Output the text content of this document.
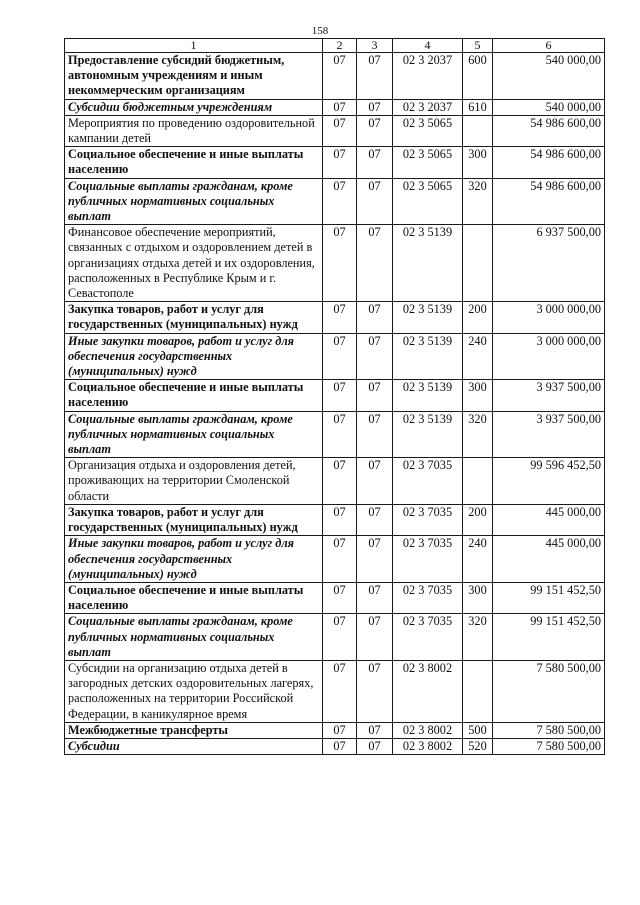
158
1	2	3	4	5	6
Предоставление субсидий бюджетным, автономным учреждениям и иным некоммерческим организациям	07	07	02 3 2037	600	540 000,00
Субсидии бюджетным учреждениям	07	07	02 3 2037	610	540 000,00
Мероприятия по проведению оздоровительной кампании детей	07	07	02 3 5065		54 986 600,00
Социальное обеспечение и иные выплаты населению	07	07	02 3 5065	300	54 986 600,00
Социальные выплаты гражданам, кроме публичных нормативных социальных выплат	07	07	02 3 5065	320	54 986 600,00
Финансовое обеспечение мероприятий, связанных с отдыхом и оздоровлением детей в организациях отдыха детей и их оздоровления, расположенных в Республике Крым и г. Севастополе	07	07	02 3 5139		6 937 500,00
Закупка товаров, работ и услуг для государственных (муниципальных) нужд	07	07	02 3 5139	200	3 000 000,00
Иные закупки товаров, работ и услуг для обеспечения государственных (муниципальных) нужд	07	07	02 3 5139	240	3 000 000,00
Социальное обеспечение и иные выплаты населению	07	07	02 3 5139	300	3 937 500,00
Социальные выплаты гражданам, кроме публичных нормативных социальных выплат	07	07	02 3 5139	320	3 937 500,00
Организация отдыха и оздоровления детей, проживающих на территории Смоленской области	07	07	02 3 7035		99 596 452,50
Закупка товаров, работ и услуг для государственных (муниципальных) нужд	07	07	02 3 7035	200	445 000,00
Иные закупки товаров, работ и услуг для обеспечения государственных (муниципальных) нужд	07	07	02 3 7035	240	445 000,00
Социальное обеспечение и иные выплаты населению	07	07	02 3 7035	300	99 151 452,50
Социальные выплаты гражданам, кроме публичных нормативных социальных выплат	07	07	02 3 7035	320	99 151 452,50
Субсидии на организацию отдыха детей в загородных детских оздоровительных лагерях, расположенных на территории Российской Федерации, в каникулярное время	07	07	02 3 8002		7 580 500,00
Межбюджетные трансферты	07	07	02 3 8002	500	7 580 500,00
Субсидии	07	07	02 3 8002	520	7 580 500,00
